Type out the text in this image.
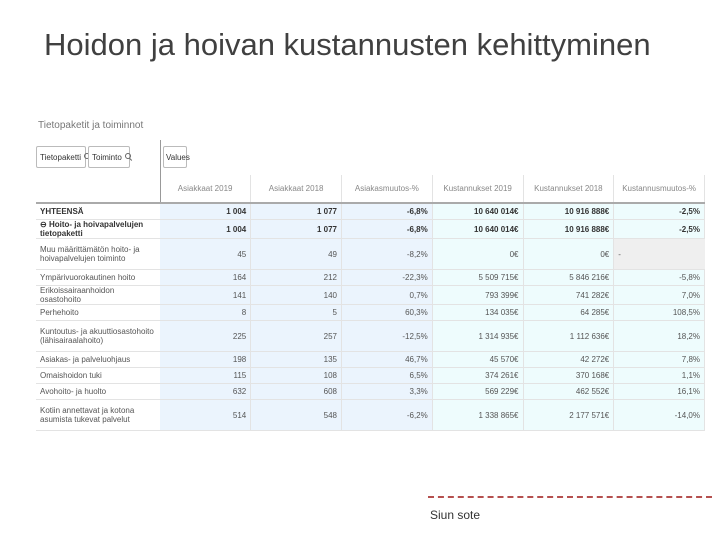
Hoidon ja hoivan kustannusten kehittyminen
Tietopaketit ja toiminnot
Tietopaketti Toiminto	Values
	Asiakkaat 2019	Asiakkaat 2018	Asiakasmuutos-%	Kustannukset 2019	Kustannukset 2018	Kustannusmuutos-%
YHTEENSÄ	1 004	1 077	-6,8%	10 640 014€	10 916 888€	-2,5%
⊖ Hoito- ja hoivapalvelujen tietopaketti	1 004	1 077	-6,8%	10 640 014€	10 916 888€	-2,5%
Muu määrittämätön hoito- ja hoivapalvelujen toiminto	45	49	-8,2%	0€	0€	-
Ympärivuorokautinen hoito	164	212	-22,3%	5 509 715€	5 846 216€	-5,8%
Erikoissairaanhoidon osastohoito	141	140	0,7%	793 399€	741 282€	7,0%
Perhehoito	8	5	60,3%	134 035€	64 285€	108,5%
Kuntoutus- ja akuuttiosastohoito (lähisairaalahoito)	225	257	-12,5%	1 314 935€	1 112 636€	18,2%
Asiakas- ja palveluohjaus	198	135	46,7%	45 570€	42 272€	7,8%
Omaishoidon tuki	115	108	6,5%	374 261€	370 168€	1,1%
Avohoito- ja huolto	632	608	3,3%	569 229€	462 552€	16,1%
Kotiin annettavat ja kotona asumista tukevat palvelut	514	548	-6,2%	1 338 865€	2 177 571€	-14,0%
Siun sote
